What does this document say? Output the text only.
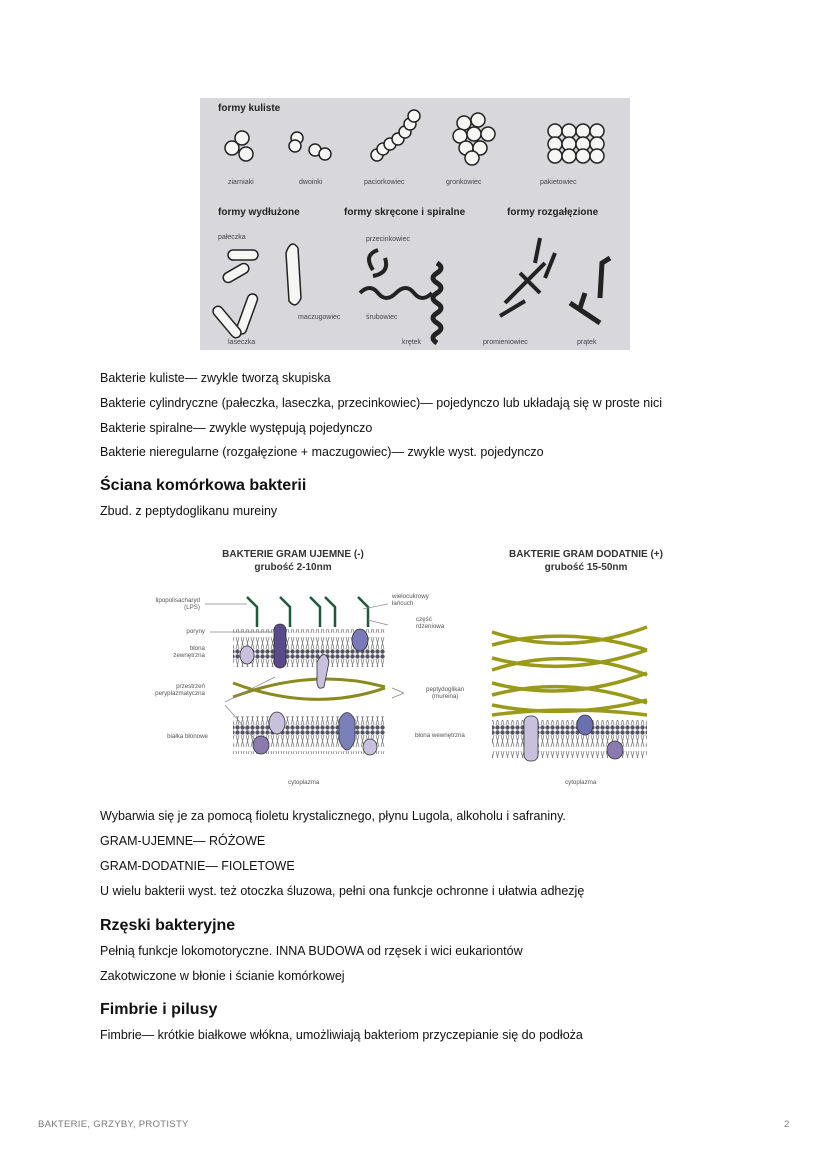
formy kuliste
formy wydłużone	formy skręcone i spiralne	formy rozgałęzione
ziarniaki	dwoinki	paciorkowiec	gronkowiec	pakietowiec
pałeczka
maczugowiec
przecinkowiec
śrubowiec
laseczka	krętek	promieniowiec	prątek
Bakterie kuliste— zwykle tworzą skupiska
Bakterie cylindryczne (pałeczka, laseczka, przecinkowiec)— pojedynczo lub układają się w proste nici
Bakterie spiralne— zwykle występują pojedynczo
Bakterie nieregularne (rozgałęzione + maczugowiec)— zwykle wyst. pojedynczo
Ściana komórkowa bakterii
Zbud. z peptydoglikanu mureiny
BAKTERIE GRAM UJEMNE (-)
grubość 2-10nm
BAKTERIE GRAM DODATNIE (+)
grubość 15-50nm
lipopolisacharyd
(LPS)
poryny
błona
zewnętrzna
przestrzeń
peryplazmatyczna
białka błonowe
wielocukrowy
łańcuch
część
rdzeniowa
peptydoglikan
(mureina)
błona wewnętrzna
cytoplazma	cytoplazma
Wybarwia się je za pomocą fioletu krystalicznego, płynu Lugola, alkoholu i safraniny.
GRAM-UJEMNE— RÓŻOWE
GRAM-DODATNIE— FIOLETOWE
U wielu bakterii wyst. też otoczka śluzowa, pełni ona funkcje ochronne i ułatwia adhezję
Rzęski bakteryjne
Pełnią funkcje lokomotoryczne. INNA BUDOWA od rzęsek i wici eukariontów
Zakotwiczone w błonie i ścianie komórkowej
Fimbrie i pilusy
Fimbrie— krótkie białkowe włókna, umożliwiają bakteriom przyczepianie się do podłoża
BAKTERIE, GRZYBY, PROTISTY	2
